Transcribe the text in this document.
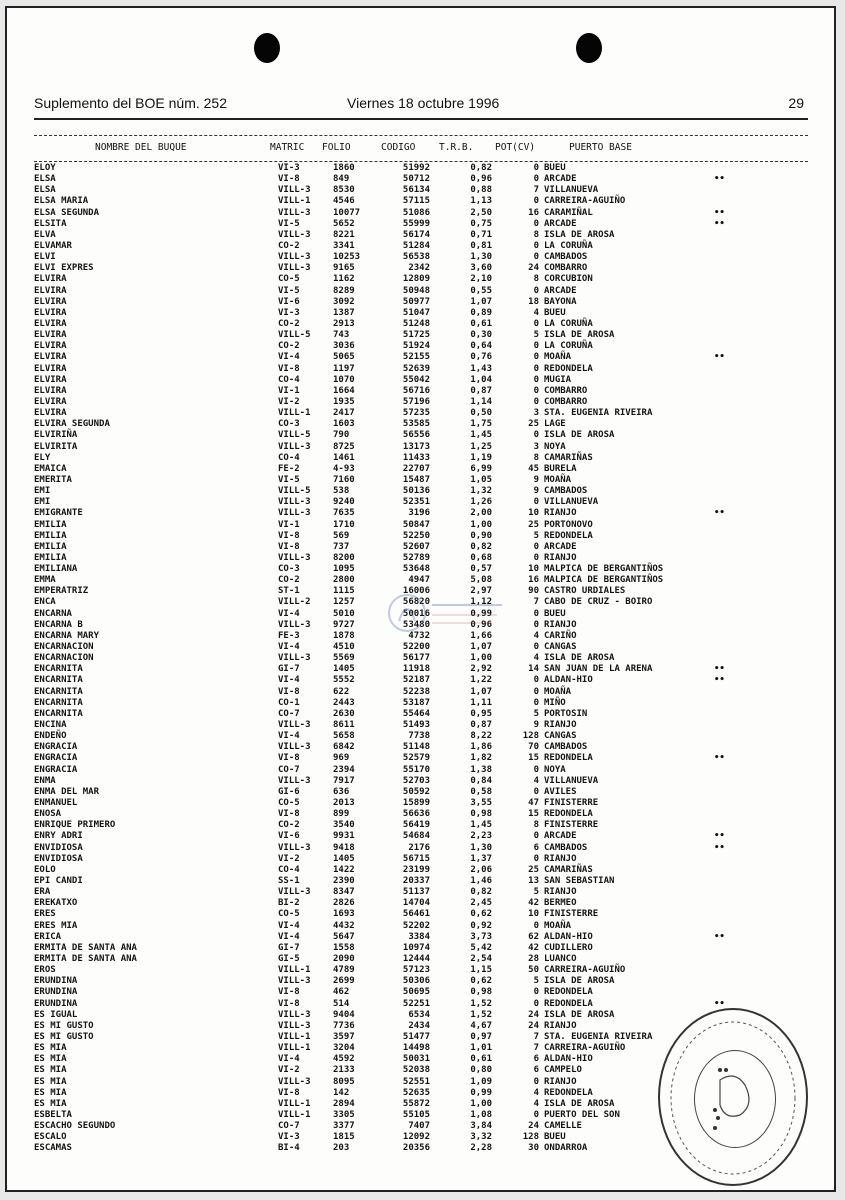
Suplemento del BOE núm. 252	Viernes 18 octubre 1996	29
NOMBRE DEL BUQUE	MATRIC FOLIO	CODIGO T.R.B. POT(CV)	PUERTO BASE
ELOY	VI-3	1860	51992	0,82	0 BUEU
ELSA	VI-8	849	50712	0,96	0 ARCADE	••
ELSA	VILL-3 8530	56134	0,88	7 VILLANUEVA
ELSA MARIA	VILL-1 4546	57115	1,13	0 CARREIRA-AGUIÑO
ELSA SEGUNDA	VILL-3 10077	51086	2,50	16 CARAMIÑAL	••
ELSITA	VI-5	5652	55999	0,75	0 ARCADE	••
ELVA	VILL-3 8221	56174	0,71	8 ISLA DE AROSA
ELVAMAR	CO-2	3341	51284	0,81	0 LA CORUÑA
ELVI	VILL-3 10253	56538	1,30	0 CAMBADOS
ELVI EXPRES	VILL-3 9165	2342	3,60	24 COMBARRO
ELVIRA	CO-5	1162	12809	2,10	8 CORCUBION
ELVIRA	VI-5	8289	50948	0,55	0 ARCADE
ELVIRA	VI-6	3092	50977	1,07	18 BAYONA
ELVIRA	VI-3	1387	51047	0,89	4 BUEU
ELVIRA	CO-2	2913	51248	0,61	0 LA CORUÑA
ELVIRA	VILL-5 743	51725	0,30	5 ISLA DE AROSA
ELVIRA	CO-2	3036	51924	0,64	0 LA CORUÑA
ELVIRA	VI-4	5065	52155	0,76	0 MOAÑA	••
ELVIRA	VI-8	1197	52639	1,43	0 REDONDELA
ELVIRA	CO-4	1070	55042	1,04	0 MUGIA
ELVIRA	VI-1	1664	56716	0,87	0 COMBARRO
ELVIRA	VI-2	1935	57196	1,14	0 COMBARRO
ELVIRA	VILL-1 2417	57235	0,50	3 STA. EUGENIA RIVEIRA
ELVIRA SEGUNDA	CO-3	1603	53585	1,75	25 LAGE
ELVIRIÑA	VILL-5 790	56556	1,45	0 ISLA DE AROSA
ELVIRITA	VILL-3 8725	13173	1,25	3 NOYA
ELY	CO-4	1461	11433	1,19	8 CAMARIÑAS
EMAICA	FE-2	4-93	22707	6,99	45 BURELA
EMERITA	VI-5	7160	15487	1,05	9 MOAÑA
EMI	VILL-5 538	50136	1,32	9 CAMBADOS
EMI	VILL-3 9240	52351	1,26	0 VILLANUEVA
EMIGRANTE	VILL-3 7635	3196	2,00	10 RIANJO	••
EMILIA	VI-1	1710	50847	1,00	25 PORTONOVO
EMILIA	VI-8	569	52250	0,90	5 REDONDELA
EMILIA	VI-8	737	52607	0,82	0 ARCADE
EMILIA	VILL-3 8200	52789	0,68	0 RIANJO
EMILIANA	CO-3	1095	53648	0,57	10 MALPICA DE BERGANTIÑOS
EMMA	CO-2	2800	4947	5,08	16 MALPICA DE BERGANTIÑOS
EMPERATRIZ	ST-1	1115	16006	2,97	90 CASTRO URDIALES
ENCA	VILL-2 1257	56820	1,12	7 CABO DE CRUZ - BOIRO
ENCARNA	VI-4	5010	50016	0,99	0 BUEU
ENCARNA B	VILL-3 9727	53480	0,96	0 RIANJO
ENCARNA MARY	FE-3	1878	4732	1,66	4 CARIÑO
ENCARNACION	VI-4	4510	52200	1,07	0 CANGAS
ENCARNACION	VILL-3 5569	56177	1,00	4 ISLA DE AROSA
ENCARNITA	GI-7	1405	11918	2,92	14 SAN JUAN DE LA ARENA	••
ENCARNITA	VI-4	5552	52187	1,22	0 ALDAN-HIO	••
ENCARNITA	VI-8	622	52238	1,07	0 MOAÑA
ENCARNITA	CO-1	2443	53187	1,11	0 MIÑO
ENCARNITA	CO-7	2630	55464	0,95	5 PORTOSIN
ENCINA	VILL-3 8611	51493	0,87	9 RIANJO
ENDEÑO	VI-4	5658	7738	8,22	128 CANGAS
ENGRACIA	VILL-3 6842	51148	1,86	70 CAMBADOS
ENGRACIA	VI-8	969	52579	1,82	15 REDONDELA	••
ENGRACIA	CO-7	2394	55170	1,38	0 NOYA
ENMA	VILL-3 7917	52703	0,84	4 VILLANUEVA
ENMA DEL MAR	GI-6	636	50592	0,58	0 AVILES
ENMANUEL	CO-5	2013	15899	3,55	47 FINISTERRE
ENOSA	VI-8	899	56636	0,98	15 REDONDELA
ENRIQUE PRIMERO	CO-2	3540	56419	1,45	8 FINISTERRE
ENRY ADRI	VI-6	9931	54684	2,23	0 ARCADE	••
ENVIDIOSA	VILL-3 9418	2176	1,30	6 CAMBADOS	••
ENVIDIOSA	VI-2	1405	56715	1,37	0 RIANJO
EOLO	CO-4	1422	23199	2,06	25 CAMARIÑAS
EPI CANDI	SS-1	2390	20337	1,46	13 SAN SEBASTIAN
ERA	VILL-3 8347	51137	0,82	5 RIANJO
EREKATXO	BI-2	2826	14704	2,45	42 BERMEO
ERES	CO-5	1693	56461	0,62	10 FINISTERRE
ERES MIA	VI-4	4432	52202	0,92	0 MOAÑA
ERICA	VI-4	5647	3384	3,73	62 ALDAN-HIO	••
ERMITA DE SANTA ANA	GI-7	1558	10974	5,42	42 CUDILLERO
ERMITA DE SANTA ANA	GI-5	2090	12444	2,54	28 LUANCO
EROS	VILL-1 4789	57123	1,15	50 CARREIRA-AGUIÑO
ERUNDINA	VILL-3 2699	50306	0,62	5 ISLA DE AROSA
ERUNDINA	VI-8	462	50695	0,98	0 REDONDELA
ERUNDINA	VI-8	514	52251	1,52	0 REDONDELA	••
ES IGUAL	VILL-3 9404	6534	1,52	24 ISLA DE AROSA
ES MI GUSTO	VILL-3 7736	2434	4,67	24 RIANJO
ES MI GUSTO	VILL-1 3597	51477	0,97	7 STA. EUGENIA RIVEIRA
ES MIA	VILL-1 3204	14498	1,01	7 CARREIRA-AGUIÑO
ES MIA	VI-4	4592	50031	0,61	6 ALDAN-HIO
ES MIA	VI-2	2133	52038	0,80	6 CAMPELO
ES MIA	VILL-3 8095	52551	1,09	0 RIANJO
ES MIA	VI-8	142	52635	0,99	4 REDONDELA
ES MIA	VILL-1 2894	55872	1,00	4 ISLA DE AROSA
ESBELTA	VILL-1 3305	55105	1,08	0 PUERTO DEL SON
ESCACHO SEGUNDO	CO-7	3377	7407	3,84	24 CAMELLE
ESCALO	VI-3	1815	12092	3,32	128 BUEU
ESCAMAS	BI-4	203	20356	2,28	30 ONDARROA
